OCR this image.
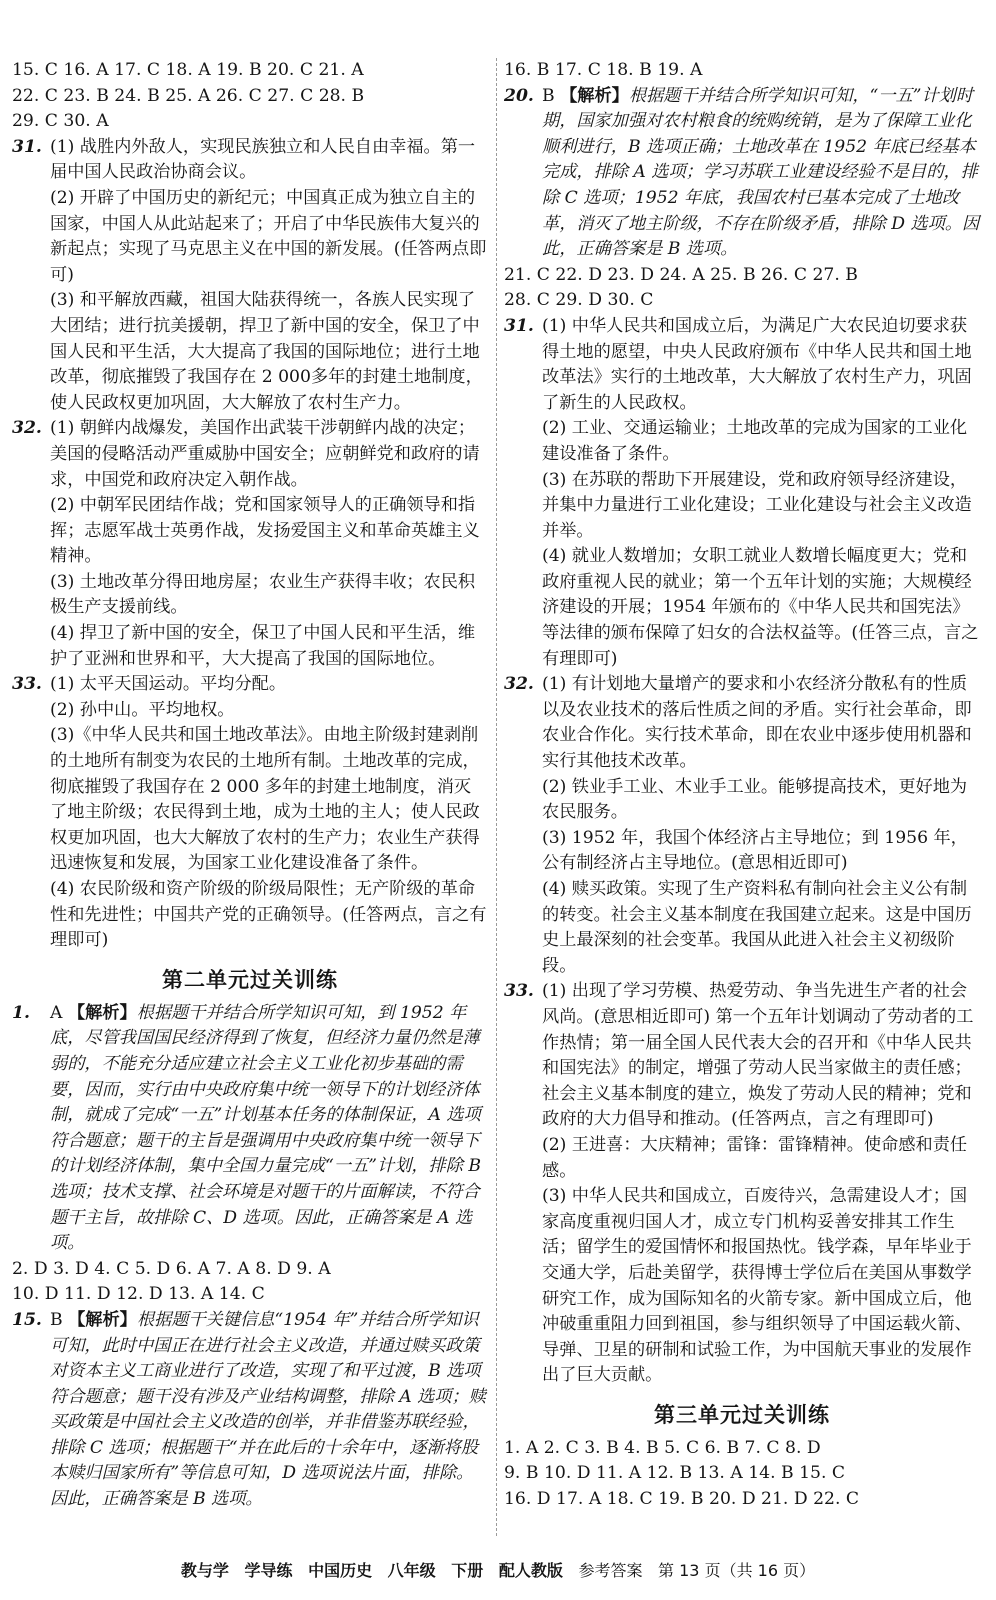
15. C 16. A 17. C 18. A 19. B 20. C 21. A
22. C 23. B 24. B 25. A 26. C 27. C 28. B
29. C 30. A
31. (1) 战胜内外敌人，实现民族独立和人民自由幸福。第一届中国人民政治协商会议。
(2) 开辟了中国历史的新纪元；中国真正成为独立自主的国家，中国人从此站起来了；开启了中华民族伟大复兴的新起点；实现了马克思主义在中国的新发展。(任答两点即可)
(3) 和平解放西藏，祖国大陆获得统一，各族人民实现了大团结；进行抗美援朝，捍卫了新中国的安全，保卫了中国人民和平生活，大大提高了我国的国际地位；进行土地改革，彻底摧毁了我国存在 2 000多年的封建土地制度，使人民政权更加巩固，大大解放了农村生产力。
32. (1) 朝鲜内战爆发，美国作出武装干涉朝鲜内战的决定；美国的侵略活动严重威胁中国安全；应朝鲜党和政府的请求，中国党和政府决定入朝作战。
(2) 中朝军民团结作战；党和国家领导人的正确领导和指挥；志愿军战士英勇作战，发扬爱国主义和革命英雄主义精神。
(3) 土地改革分得田地房屋；农业生产获得丰收；农民积极生产支援前线。
(4) 捍卫了新中国的安全，保卫了中国人民和平生活，维护了亚洲和世界和平，大大提高了我国的国际地位。
33. (1) 太平天国运动。平均分配。
(2) 孙中山。平均地权。
(3)《中华人民共和国土地改革法》。由地主阶级封建剥削的土地所有制变为农民的土地所有制。土地改革的完成，彻底摧毁了我国存在 2 000 多年的封建土地制度，消灭了地主阶级；农民得到土地，成为土地的主人；使人民政权更加巩固，也大大解放了农村的生产力；农业生产获得迅速恢复和发展，为国家工业化建设准备了条件。
(4) 农民阶级和资产阶级的阶级局限性；无产阶级的革命性和先进性；中国共产党的正确领导。(任答两点，言之有理即可)
第二单元过关训练
1. A 【解析】根据题干并结合所学知识可知，到 1952 年底，尽管我国国民经济得到了恢复，但经济力量仍然是薄弱的，不能充分适应建立社会主义工业化初步基础的需要，因而，实行由中央政府集中统一领导下的计划经济体制，就成了完成“一五”计划基本任务的体制保证，A 选项符合题意；题干的主旨是强调用中央政府集中统一领导下的计划经济体制，集中全国力量完成“一五”计划，排除 B 选项；技术支撑、社会环境是对题干的片面解读，不符合题干主旨，故排除 C、D 选项。因此，正确答案是 A 选项。
2. D 3. D 4. C 5. D 6. A 7. A 8. D 9. A
10. D 11. D 12. D 13. A 14. C
15. B 【解析】根据题干关键信息“1954 年”并结合所学知识可知，此时中国正在进行社会主义改造，并通过赎买政策对资本主义工商业进行了改造，实现了和平过渡，B 选项符合题意；题干没有涉及产业结构调整，排除 A 选项；赎买政策是中国社会主义改造的创举，并非借鉴苏联经验，排除 C 选项；根据题干“并在此后的十余年中，逐渐将股本赎归国家所有”等信息可知，D 选项说法片面，排除。因此，正确答案是 B 选项。
16. B 17. C 18. B 19. A
20. B 【解析】根据题干并结合所学知识可知，“一五”计划时期，国家加强对农村粮食的统购统销，是为了保障工业化顺利进行，B 选项正确；土地改革在 1952 年底已经基本完成，排除 A 选项；学习苏联工业建设经验不是目的，排除 C 选项；1952 年底，我国农村已基本完成了土地改革，消灭了地主阶级，不存在阶级矛盾，排除 D 选项。因此，正确答案是 B 选项。
21. C 22. D 23. D 24. A 25. B 26. C 27. B
28. C 29. D 30. C
31. (1) 中华人民共和国成立后，为满足广大农民迫切要求获得土地的愿望，中央人民政府颁布《中华人民共和国土地改革法》实行的土地改革，大大解放了农村生产力，巩固了新生的人民政权。
(2) 工业、交通运输业；土地改革的完成为国家的工业化建设准备了条件。
(3) 在苏联的帮助下开展建设，党和政府领导经济建设，并集中力量进行工业化建设；工业化建设与社会主义改造并举。
(4) 就业人数增加；女职工就业人数增长幅度更大；党和政府重视人民的就业；第一个五年计划的实施；大规模经济建设的开展；1954 年颁布的《中华人民共和国宪法》等法律的颁布保障了妇女的合法权益等。(任答三点，言之有理即可)
32. (1) 有计划地大量增产的要求和小农经济分散私有的性质以及农业技术的落后性质之间的矛盾。实行社会革命，即农业合作化。实行技术革命，即在农业中逐步使用机器和实行其他技术改革。
(2) 铁业手工业、木业手工业。能够提高技术，更好地为农民服务。
(3) 1952 年，我国个体经济占主导地位；到 1956 年，公有制经济占主导地位。(意思相近即可)
(4) 赎买政策。实现了生产资料私有制向社会主义公有制的转变。社会主义基本制度在我国建立起来。这是中国历史上最深刻的社会变革。我国从此进入社会主义初级阶段。
33. (1) 出现了学习劳模、热爱劳动、争当先进生产者的社会风尚。(意思相近即可) 第一个五年计划调动了劳动者的工作热情；第一届全国人民代表大会的召开和《中华人民共和国宪法》的制定，增强了劳动人民当家做主的责任感；社会主义基本制度的建立，焕发了劳动人民的精神；党和政府的大力倡导和推动。(任答两点，言之有理即可)
(2) 王进喜：大庆精神；雷锋：雷锋精神。使命感和责任感。
(3) 中华人民共和国成立，百废待兴，急需建设人才；国家高度重视归国人才，成立专门机构妥善安排其工作生活；留学生的爱国情怀和报国热忱。钱学森，早年毕业于交通大学，后赴美留学，获得博士学位后在美国从事数学研究工作，成为国际知名的火箭专家。新中国成立后，他冲破重重阻力回到祖国，参与组织领导了中国运载火箭、导弹、卫星的研制和试验工作，为中国航天事业的发展作出了巨大贡献。
第三单元过关训练
1. A 2. C 3. B 4. B 5. C 6. B 7. C 8. D
9. B 10. D 11. A 12. B 13. A 14. B 15. C
16. D 17. A 18. C 19. B 20. D 21. D 22. C
教与学 学导练 中国历史 八年级 下册 配人教版 参考答案 第 13 页（共 16 页）
